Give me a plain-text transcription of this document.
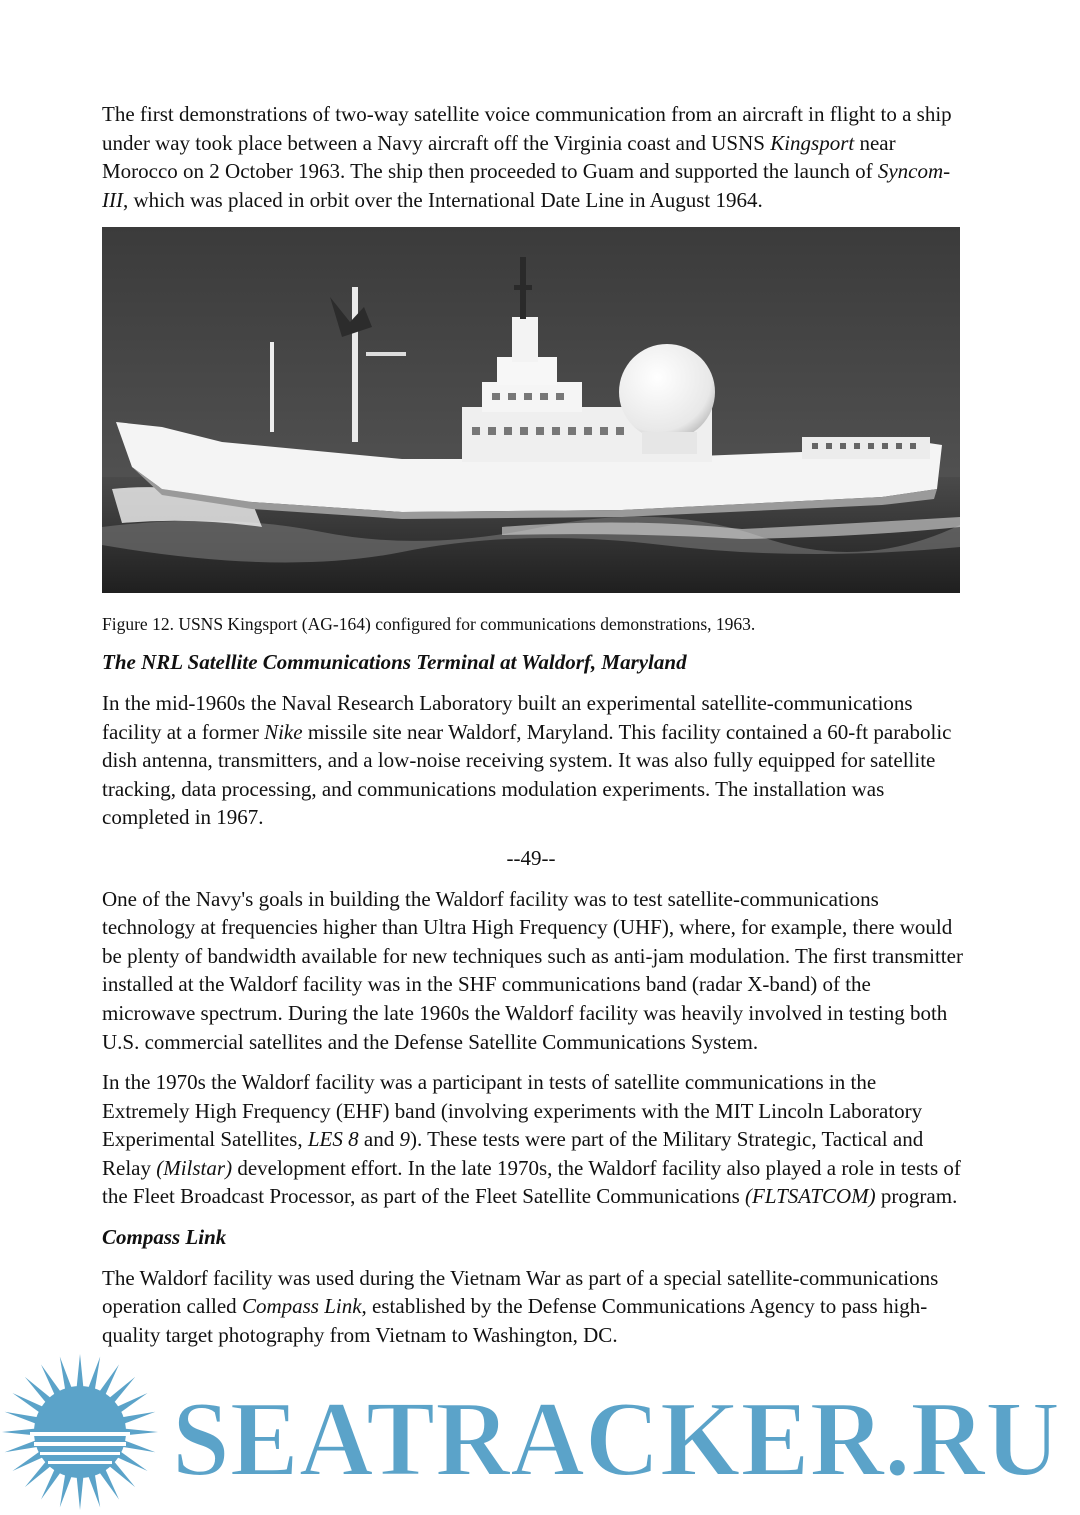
The first demonstrations of two-way satellite voice communication from an aircraft in flight to a ship under way took place between a Navy aircraft off the Virginia coast and USNS Kingsport near Morocco on 2 October 1963. The ship then proceeded to Guam and supported the launch of Syncom-III, which was placed in orbit over the International Date Line in August 1964.

Figure 12. USNS Kingsport (AG-164) configured for communications demonstrations, 1963.

The NRL Satellite Communications Terminal at Waldorf, Maryland

In the mid-1960s the Naval Research Laboratory built an experimental satellite-communications facility at a former Nike missile site near Waldorf, Maryland. This facility contained a 60-ft parabolic dish antenna, transmitters, and a low-noise receiving system. It was also fully equipped for satellite tracking, data processing, and communications modulation experiments. The installation was completed in 1967.

--49--

One of the Navy's goals in building the Waldorf facility was to test satellite-communications technology at frequencies higher than Ultra High Frequency (UHF), where, for example, there would be plenty of bandwidth available for new techniques such as anti-jam modulation. The first transmitter installed at the Waldorf facility was in the SHF communications band (radar X-band) of the microwave spectrum. During the late 1960s the Waldorf facility was heavily involved in testing both U.S. commercial satellites and the Defense Satellite Communications System.

In the 1970s the Waldorf facility was a participant in tests of satellite communications in the Extremely High Frequency (EHF) band (involving experiments with the MIT Lincoln Laboratory Experimental Satellites, LES 8 and 9). These tests were part of the Military Strategic, Tactical and Relay (Milstar) development effort. In the late 1970s, the Waldorf facility also played a role in tests of the Fleet Broadcast Processor, as part of the Fleet Satellite Communications (FLTSATCOM) program.

Compass Link

The Waldorf facility was used during the Vietnam War as part of a special satellite-communications operation called Compass Link, established by the Defense Communications Agency to pass high-quality target photography from Vietnam to Washington, DC.

SEATRACKER.RU
